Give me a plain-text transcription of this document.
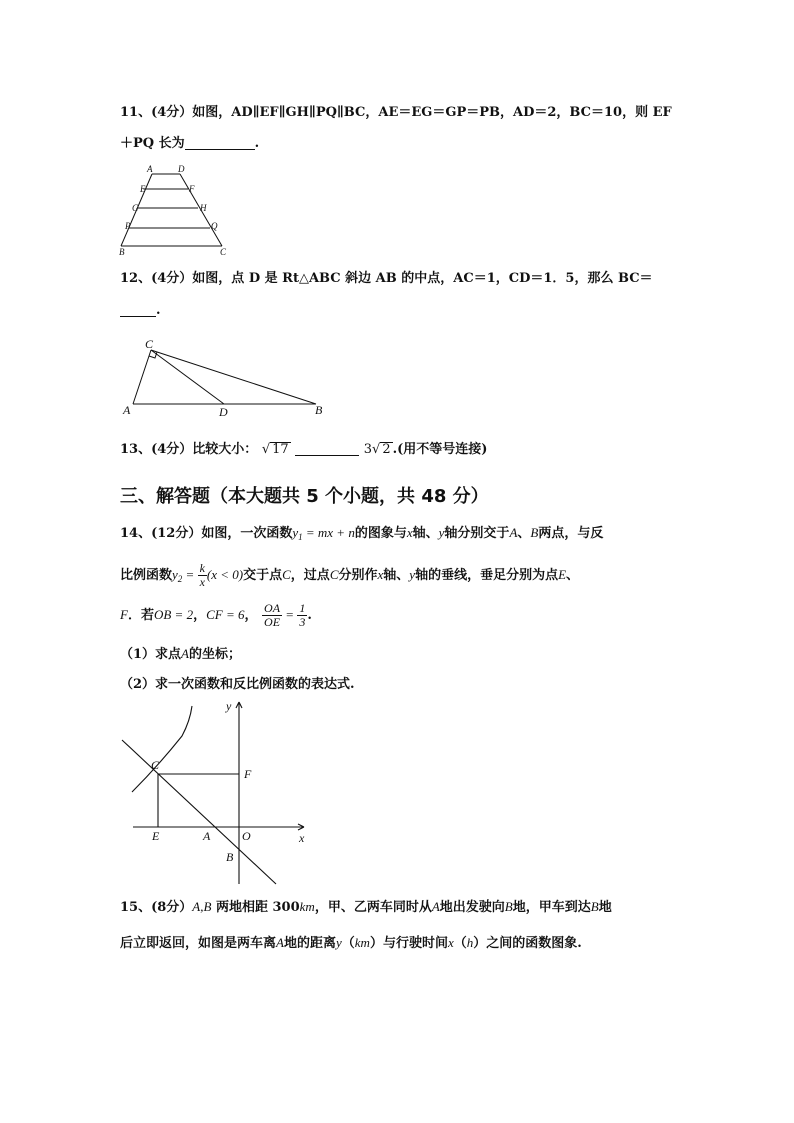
11、(4分）如图，AD∥EF∥GH∥PQ∥BC，AE＝EG＝GP＝PB，AD＝2，BC＝10，则 EF
＋PQ 长为	.
A	D
E	F
G	H
P	Q
B	C
12、(4分）如图，点 D 是 Rt△ABC 斜边 AB 的中点，AC＝1，CD＝1．5，那么 BC＝
.
C
A	D	B
13、(4分）比较大小： √ 17	3√ 2 .(用不等号连接)
三、解答题（本大题共 5 个小题，共 48 分）
14、(12分）如图，一次函数$y_1$ = mx + n的图象与x轴、y轴分别交于A、B两点，与反
比例函数$y_2 = \frac{k}{x} (x < 0)$交于点C，过点C分别作x轴、y轴的垂线，垂足分别为点E、
F．若OB = 2，CF = 6， $\frac{OA}{OE} = \frac{1}{3}$ .
（1）求点A的坐标；
（2）求一次函数和反比例函数的表达式.
y
x
C
F
E	A	O
B
15、(8分）A,B 两地相距 300km，甲、乙两车同时从A地出发驶向B地，甲车到达B地
后立即返回，如图是两车离A地的距离y（km）与行驶时间x（h）之间的函数图象.
